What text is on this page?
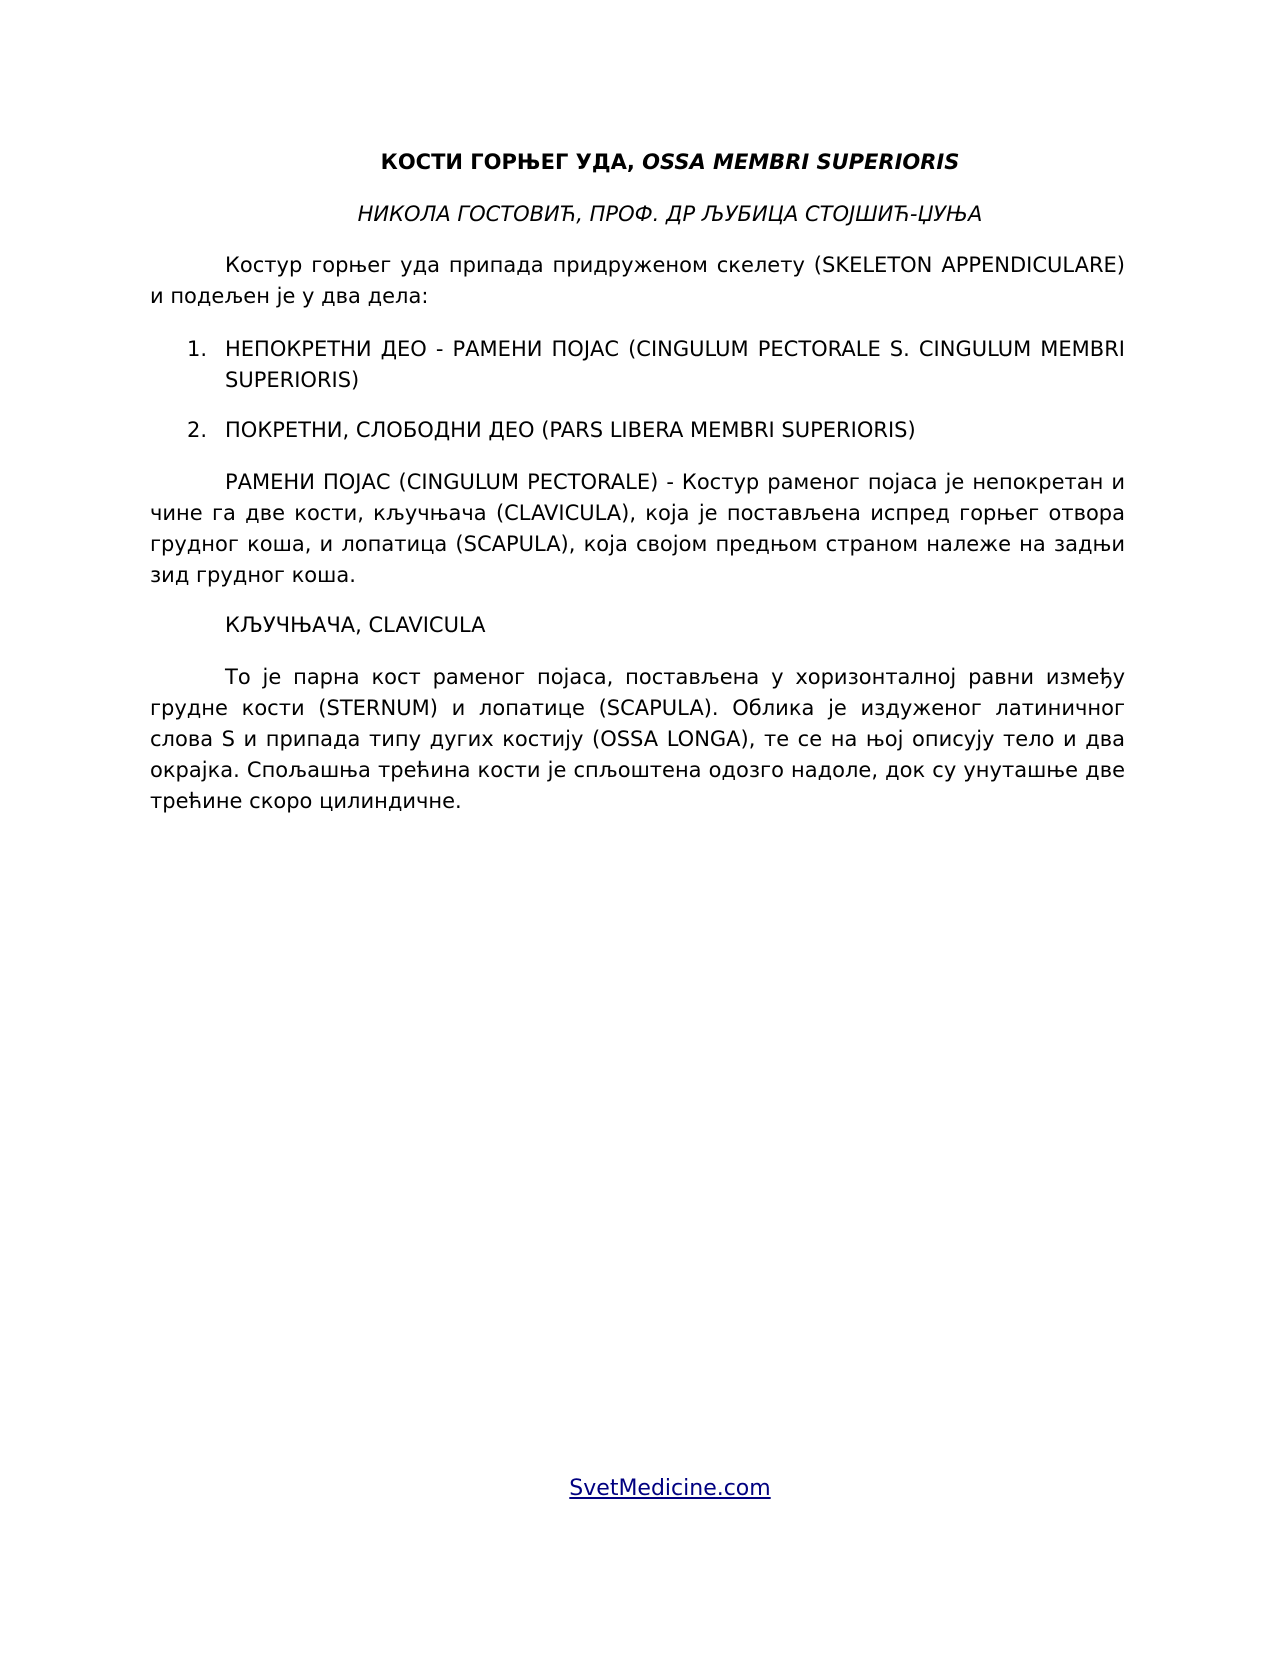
КОСТИ ГОРЊЕГ УДА, OSSA MEMBRI SUPERIORIS
НИКОЛА ГОСТОВИЋ, ПРОФ. ДР ЉУБИЦА СТОЈШИЋ-ЏУЊА

Костур горњег уда припада придруженом скелету (SKELETON APPENDICULARE) и подељен је у два дела:

1. НЕПОКРЕТНИ ДЕО - РАМЕНИ ПОЈАС (CINGULUM PECTORALE S. CINGULUM MEMBRI SUPERIORIS)
2. ПОКРЕТНИ, СЛОБОДНИ ДЕО (PARS LIBERA MEMBRI SUPERIORIS)

РАМЕНИ ПОЈАС (CINGULUM PECTORALE) - Костур раменог појаса је непокретан и чине га две кости, кључњача (CLAVICULA), која је постављена испред горњег отвора грудног коша, и лопатица (SCAPULA), која својом предњом страном належе на задњи зид грудног коша.

КЉУЧЊАЧА, CLAVICULA

То је парна кост раменог појаса, постављена у хоризонталној равни између грудне кости (STERNUM) и лопатице (SCAPULA). Облика је издуженог латиничног слова S и припада типу дугих костију (OSSA LONGA), те се на њој описују тело и два окрајка. Спољашња трећина кости је спљоштена одозго надоле, док су унуташње две трећине скоро цилиндичне.

SvetMedicine.com
